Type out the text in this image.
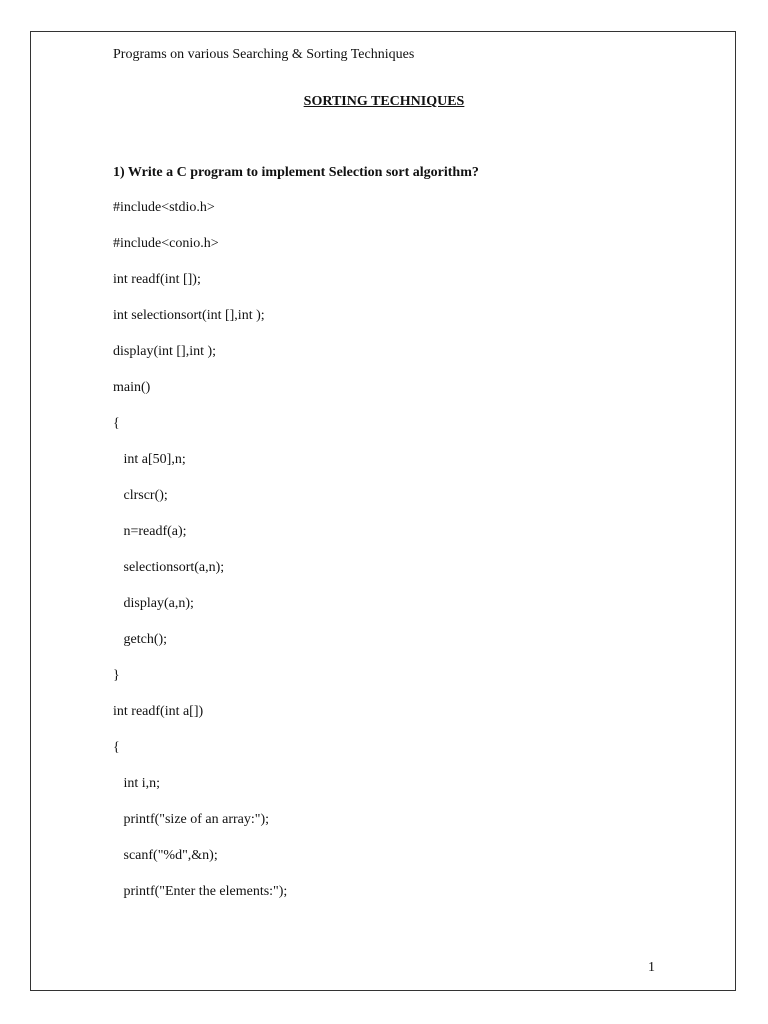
Programs on various Searching & Sorting Techniques
SORTING TECHNIQUES
1) Write a C program to implement Selection sort algorithm?
#include<stdio.h>
#include<conio.h>
int readf(int []);
int selectionsort(int [],int );
display(int [],int );
main()
{
int a[50],n;
clrscr();
n=readf(a);
selectionsort(a,n);
display(a,n);
getch();
}
int readf(int a[])
{
int i,n;
printf("size of an array:");
scanf("%d",&n);
printf("Enter the elements:");
1
